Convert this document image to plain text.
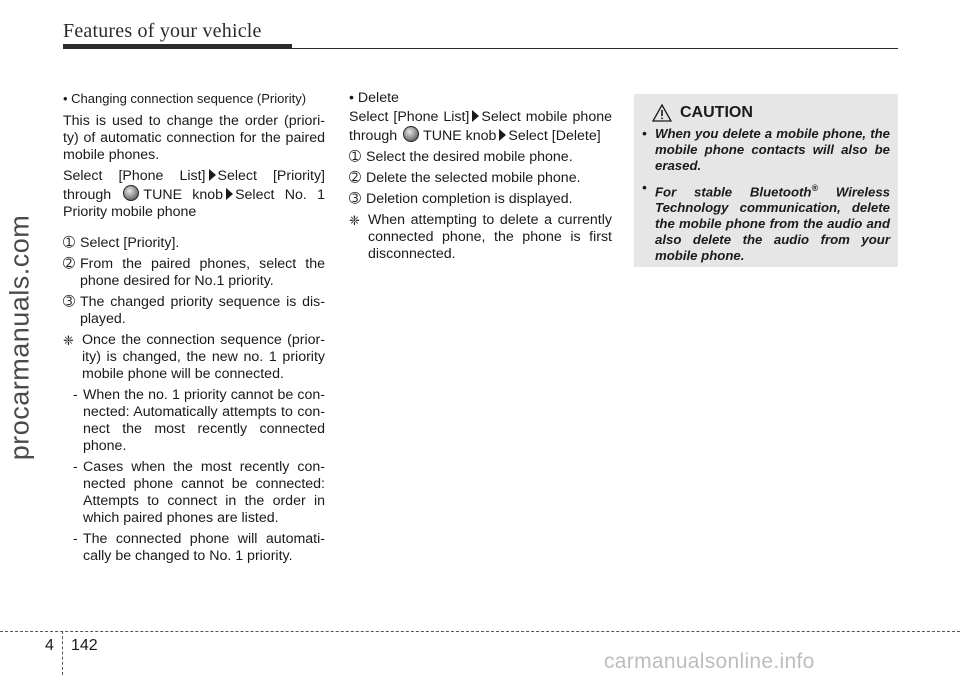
Features of your vehicle
procarmanuals.com

• Changing connection sequence (Priority)

This is used to change the order (priori-ty) of automatic connection for the paired mobile phones.

Select [Phone List] Select [Priority] through TUNE knob Select No. 1 Priority mobile phone

➀ Select [Priority].
➁ From the paired phones, select the phone desired for No.1 priority.
➂ The changed priority sequence is dis-played.
❈ Once the connection sequence (prior-ity) is changed, the new no. 1 priority mobile phone will be connected.
- When the no. 1 priority cannot be con-nected: Automatically attempts to con-nect the most recently connected phone.
- Cases when the most recently con-nected phone cannot be connected: Attempts to connect in the order in which paired phones are listed.
- The connected phone will automati-cally be changed to No. 1 priority.

• Delete

Select [Phone List] Select mobile phone through TUNE knob Select [Delete]

➀ Select the desired mobile phone.
➁ Delete the selected mobile phone.
➂ Deletion completion is displayed.
❈ When attempting to delete a currently connected phone, the phone is first disconnected.
CAUTION
• When you delete a mobile phone, the mobile phone contacts will also be erased.
• For stable Bluetooth® Wireless Technology communication, delete the mobile phone from the audio and also delete the audio from your mobile phone.
4 142
carmanualsonline.info
